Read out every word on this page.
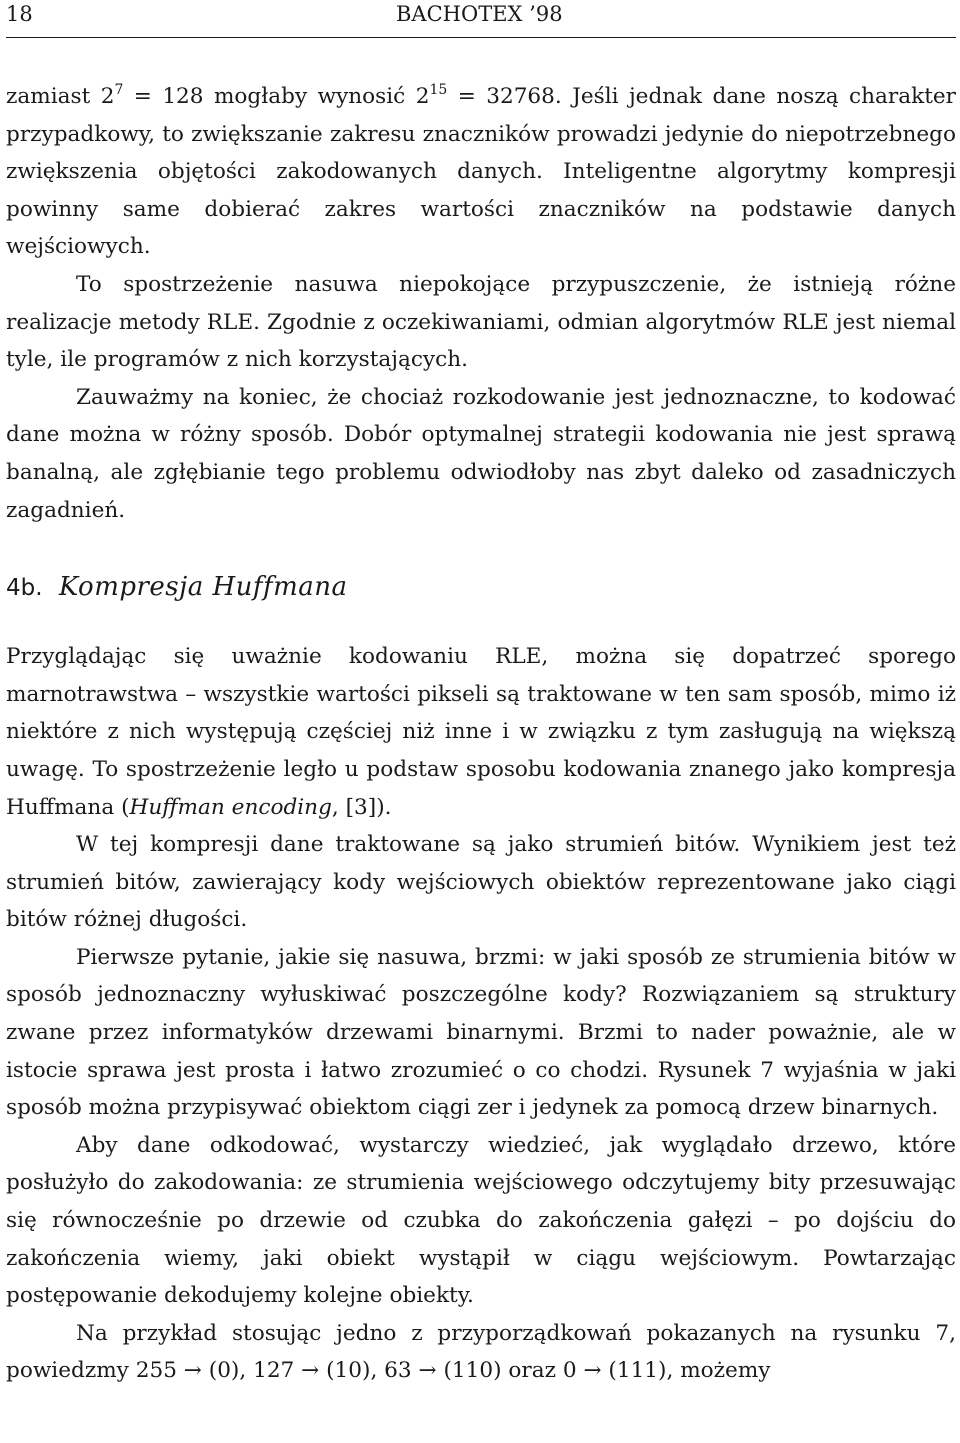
18	BACHOTEX ’98

zamiast $2^7 = 128$ mogłaby wynosić $2^{15} = 32768$. Jeśli jednak dane noszą charakter przypadkowy, to zwiększanie zakresu znaczników prowadzi jedynie do niepotrzebnego zwiększenia objętości zakodowanych danych. Inteligentne algorytmy kompresji powinny same dobierać zakres wartości znaczników na podstawie danych wejściowych.

To spostrzeżenie nasuwa niepokojące przypuszczenie, że istnieją różne realizacje metody RLE. Zgodnie z oczekiwaniami, odmian algorytmów RLE jest niemal tyle, ile programów z nich korzystających.

Zauważmy na koniec, że chociaż rozkodowanie jest jednoznaczne, to kodować dane można w różny sposób. Dobór optymalnej strategii kodowania nie jest sprawą banalną, ale zgłębianie tego problemu odwiodłoby nas zbyt daleko od zasadniczych zagadnień.

4b. Kompresja Huffmana

Przyglądając się uważnie kodowaniu RLE, można się dopatrzeć sporego marnotrawstwa – wszystkie wartości pikseli są traktowane w ten sam sposób, mimo iż niektóre z nich występują częściej niż inne i w związku z tym zasługują na większą uwagę. To spostrzeżenie legło u podstaw sposobu kodowania znanego jako kompresja Huffmana (Huffman encoding, [3]).

W tej kompresji dane traktowane są jako strumień bitów. Wynikiem jest też strumień bitów, zawierający kody wejściowych obiektów reprezentowane jako ciągi bitów różnej długości.

Pierwsze pytanie, jakie się nasuwa, brzmi: w jaki sposób ze strumienia bitów w sposób jednoznaczny wyłuskiwać poszczególne kody? Rozwiązaniem są struktury zwane przez informatyków drzewami binarnymi. Brzmi to nader poważnie, ale w istocie sprawa jest prosta i łatwo zrozumieć o co chodzi. Rysunek 7 wyjaśnia w jaki sposób można przypisywać obiektom ciągi zer i jedynek za pomocą drzew binarnych.

Aby dane odkodować, wystarczy wiedzieć, jak wyglądało drzewo, które posłużyło do zakodowania: ze strumienia wejściowego odczytujemy bity przesuwając się równocześnie po drzewie od czubka do zakończenia gałęzi – po dojściu do zakończenia wiemy, jaki obiekt wystąpił w ciągu wejściowym. Powtarzając postępowanie dekodujemy kolejne obiekty.

Na przykład stosując jedno z przyporządkowań pokazanych na rysunku 7, powiedzmy 255 → (0), 127 → (10), 63 → (110) oraz 0 → (111), możemy
